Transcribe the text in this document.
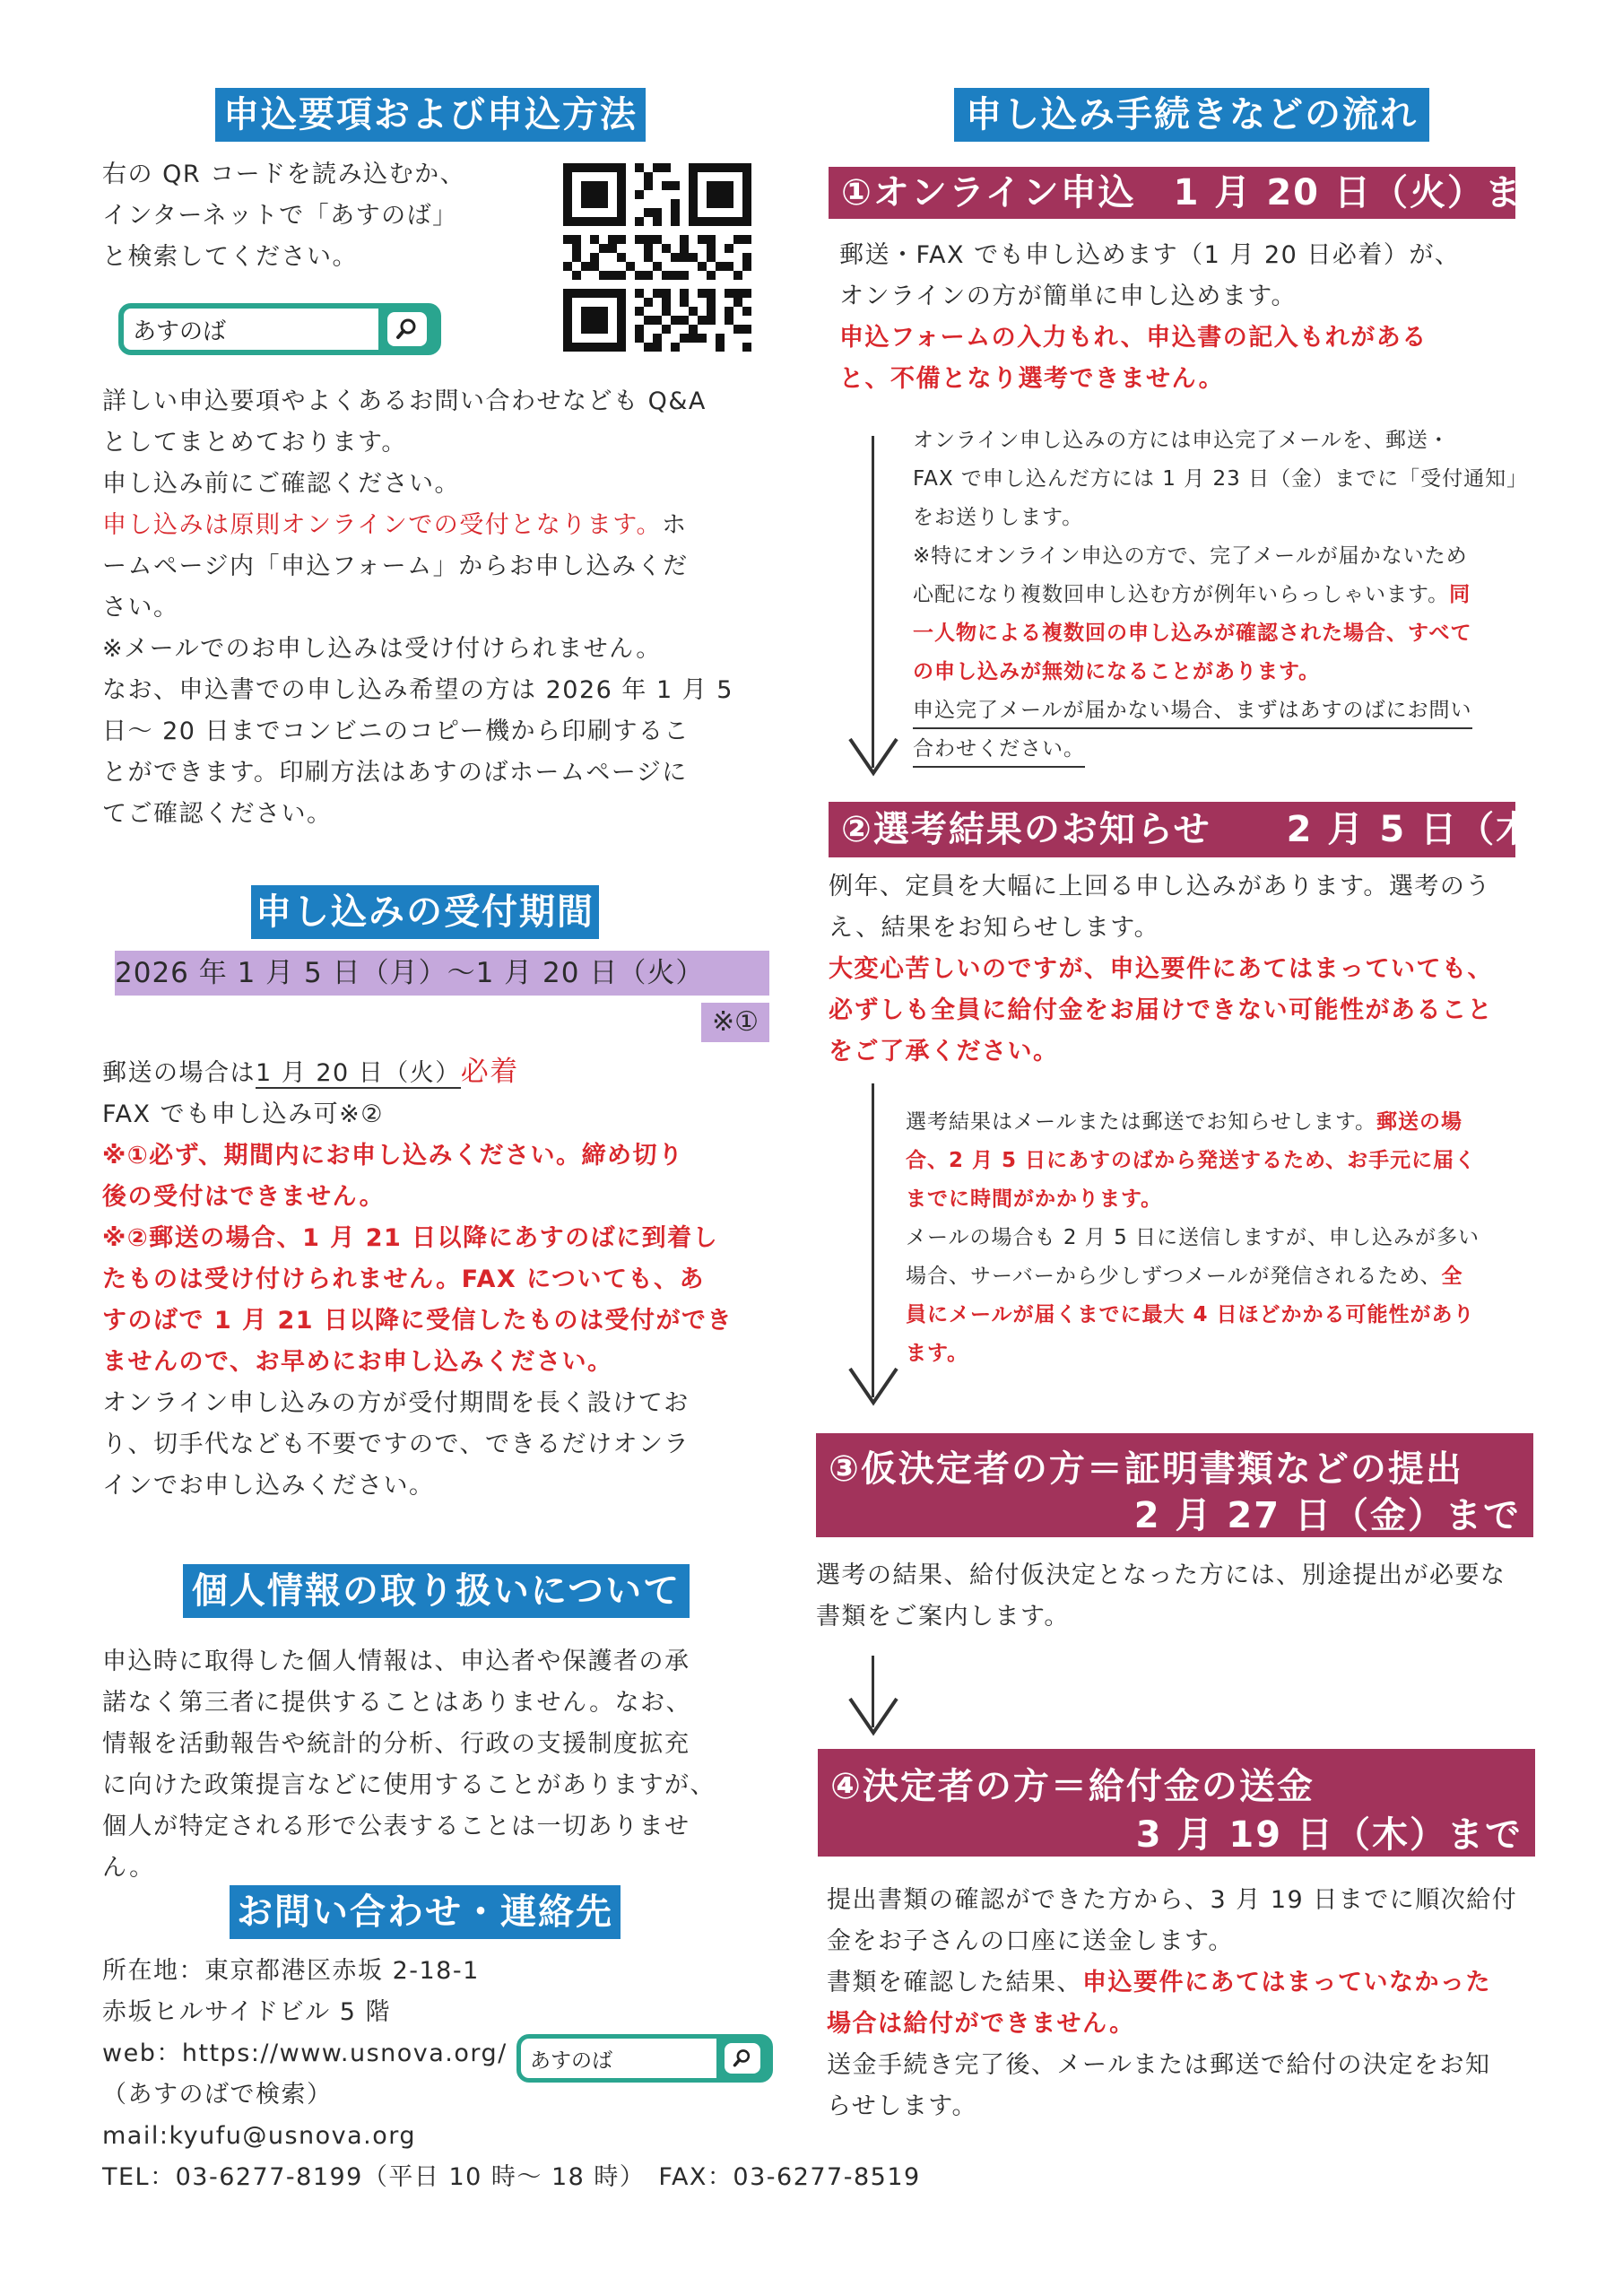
申込要項および申込方法
右の QR コードを読み込むか、
インターネットで「あすのば」
と検索してください。
あすのば
詳しい申込要項やよくあるお問い合わせなども Q&A
としてまとめております。
申し込み前にご確認ください。
申し込みは原則オンラインでの受付となります。ホ
ームページ内「申込フォーム」からお申し込みくだ
さい。
※メールでのお申し込みは受け付けられません。
なお、申込書での申し込み希望の方は 2026 年 1 月 5
日～ 20 日までコンビニのコピー機から印刷するこ
とができます。印刷方法はあすのばホームページに
てご確認ください。
申し込みの受付期間
2026 年 1 月 5 日（月）～1 月 20 日（火）
※①
郵送の場合は1 月 20 日（火）必着
FAX でも申し込み可※②
※①必ず、期間内にお申し込みください。締め切り
後の受付はできません。
※②郵送の場合、1 月 21 日以降にあすのばに到着し
たものは受け付けられません。FAX についても、あ
すのばで 1 月 21 日以降に受信したものは受付ができ
ませんので、お早めにお申し込みください。
オンライン申し込みの方が受付期間を長く設けてお
り、切手代なども不要ですので、できるだけオンラ
インでお申し込みください。
個人情報の取り扱いについて
申込時に取得した個人情報は、申込者や保護者の承
諾なく第三者に提供することはありません。なお、
情報を活動報告や統計的分析、行政の支援制度拡充
に向けた政策提言などに使用することがありますが、
個人が特定される形で公表することは一切ありませ
ん。
お問い合わせ・連絡先
所在地：東京都港区赤坂 2-18-1
赤坂ヒルサイドビル 5 階
web：https://www.usnova.org/
（あすのばで検索）
mail:kyufu@usnova.org
TEL：03-6277-8199（平日 10 時～ 18 時）　FAX：03-6277-8519
あすのば
申し込み手続きなどの流れ
①オンライン申込　1 月 20 日（火）まで
郵送・FAX でも申し込めます（1 月 20 日必着）が、
オンラインの方が簡単に申し込めます。
申込フォームの入力もれ、申込書の記入もれがある
と、不備となり選考できません。
オンライン申し込みの方には申込完了メールを、郵送・
FAX で申し込んだ方には 1 月 23 日（金）までに「受付通知」
をお送りします。
※特にオンライン申込の方で、完了メールが届かないため
心配になり複数回申し込む方が例年いらっしゃいます。同
一人物による複数回の申し込みが確認された場合、すべて
の申し込みが無効になることがあります。
申込完了メールが届かない場合、まずはあすのばにお問い
合わせください。
②選考結果のお知らせ　　2 月 5 日（木）
例年、定員を大幅に上回る申し込みがあります。選考のう
え、結果をお知らせします。
大変心苦しいのですが、申込要件にあてはまっていても、
必ずしも全員に給付金をお届けできない可能性があること
をご了承ください。
選考結果はメールまたは郵送でお知らせします。郵送の場
合、2 月 5 日にあすのばから発送するため、お手元に届く
までに時間がかかります。
メールの場合も 2 月 5 日に送信しますが、申し込みが多い
場合、サーバーから少しずつメールが発信されるため、全
員にメールが届くまでに最大 4 日ほどかかる可能性があり
ます。
③仮決定者の方＝証明書類などの提出
2 月 27 日（金）まで
選考の結果、給付仮決定となった方には、別途提出が必要な
書類をご案内します。
④決定者の方＝給付金の送金
3 月 19 日（木）まで
提出書類の確認ができた方から、3 月 19 日までに順次給付
金をお子さんの口座に送金します。
書類を確認した結果、申込要件にあてはまっていなかった
場合は給付ができません。
送金手続き完了後、メールまたは郵送で給付の決定をお知
らせします。
